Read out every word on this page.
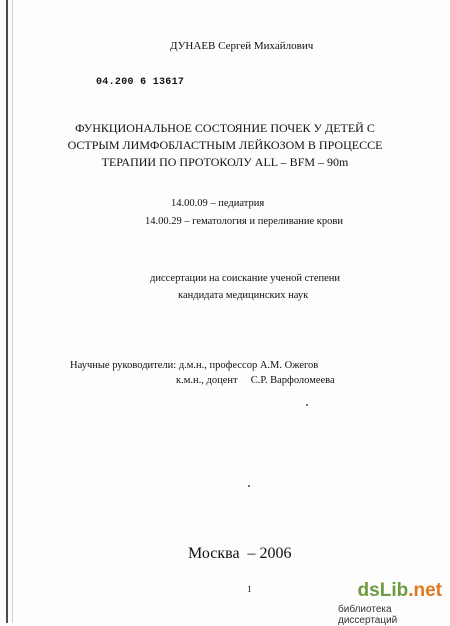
ДУНАЕВ Сергей Михайлович
04.200 6 13617
ФУНКЦИОНАЛЬНОЕ СОСТОЯНИЕ ПОЧЕК У ДЕТЕЙ С
ОСТРЫМ ЛИМФОБЛАСТНЫМ ЛЕЙКОЗОМ В ПРОЦЕССЕ
ТЕРАПИИ ПО ПРОТОКОЛУ ALL – BFM – 90m
14.00.09 – педиатрия
14.00.29 – гематология и переливание крови
диссертации на соискание ученой степени
кандидата медицинских наук
Научные руководители: д.м.н., профессор А.М. Ожегов
к.м.н., доцент     С.Р. Варфоломеева
Москва  – 2006
1	dsLib.net
библиотека диссертаций
